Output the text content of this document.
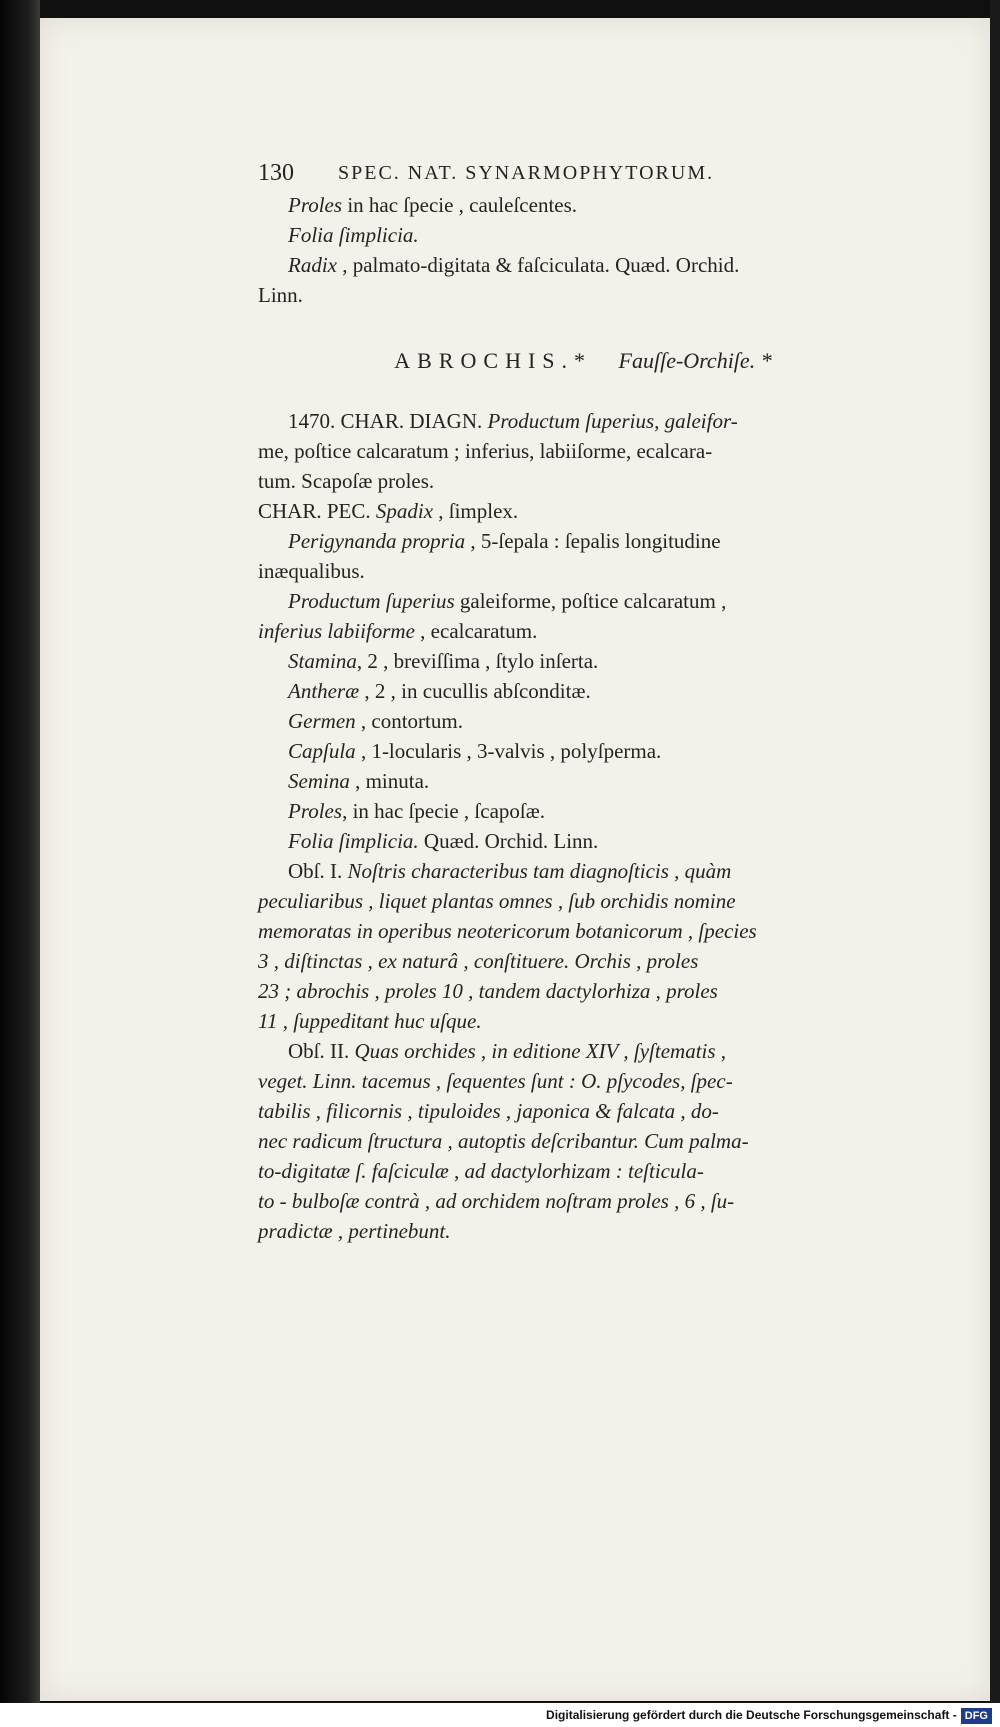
130 SPEC. NAT. SYNARMOPHYTORUM.
Proles in hac ſpecie , cauleſcentes.
Folia ſimplicia.
Radix , palmato-digitata & faſciculata. Quæd. Orchid.
Linn.
ABROCHIS.* Fauſſe-Orchiſe. *
1470. CHAR. DIAGN. Productum ſuperius, galeifor-
me, poſtice calcaratum ; inferius, labiiſorme, ecalcara-
tum. Scapoſæ proles.
CHAR. PEC. Spadix , ſimplex.
Perigynanda propria , 5-ſepala : ſepalis longitudine
inæqualibus.
Productum ſuperius galeiforme, poſtice calcaratum ,
inferius labiiforme , ecalcaratum.
Stamina, 2 , breviſſima , ſtylo inſerta.
Antheræ , 2 , in cucullis abſconditæ.
Germen , contortum.
Capſula , 1-locularis , 3-valvis , polyſperma.
Semina , minuta.
Proles, in hac ſpecie , ſcapoſæ.
Folia ſimplicia. Quæd. Orchid. Linn.
Obſ. I. Noſtris characteribus tam diagnoſticis , quàm
peculiaribus , liquet plantas omnes , ſub orchidis nomine
memoratas in operibus neotericorum botanicorum , ſpecies
3 , diſtinctas , ex naturâ , conſtituere. Orchis , proles
23 ; abrochis , proles 10 , tandem dactylorhiza , proles
11 , ſuppeditant huc uſque.
Obſ. II. Quas orchides , in editione XIV , ſyſtematis ,
veget. Linn. tacemus , ſequentes ſunt : O. pſycodes, ſpec-
tabilis , filicornis , tipuloides , japonica & falcata , do-
nec radicum ſtructura , autoptis deſcribantur. Cum palma-
to-digitatæ ſ. faſciculæ , ad dactylorhizam : teſticula-
to - bulboſæ contrà , ad orchidem noſtram proles , 6 , ſu-
pradictæ , pertinebunt.
Digitalisierung gefördert durch die Deutsche Forschungsgemeinschaft - DFG
